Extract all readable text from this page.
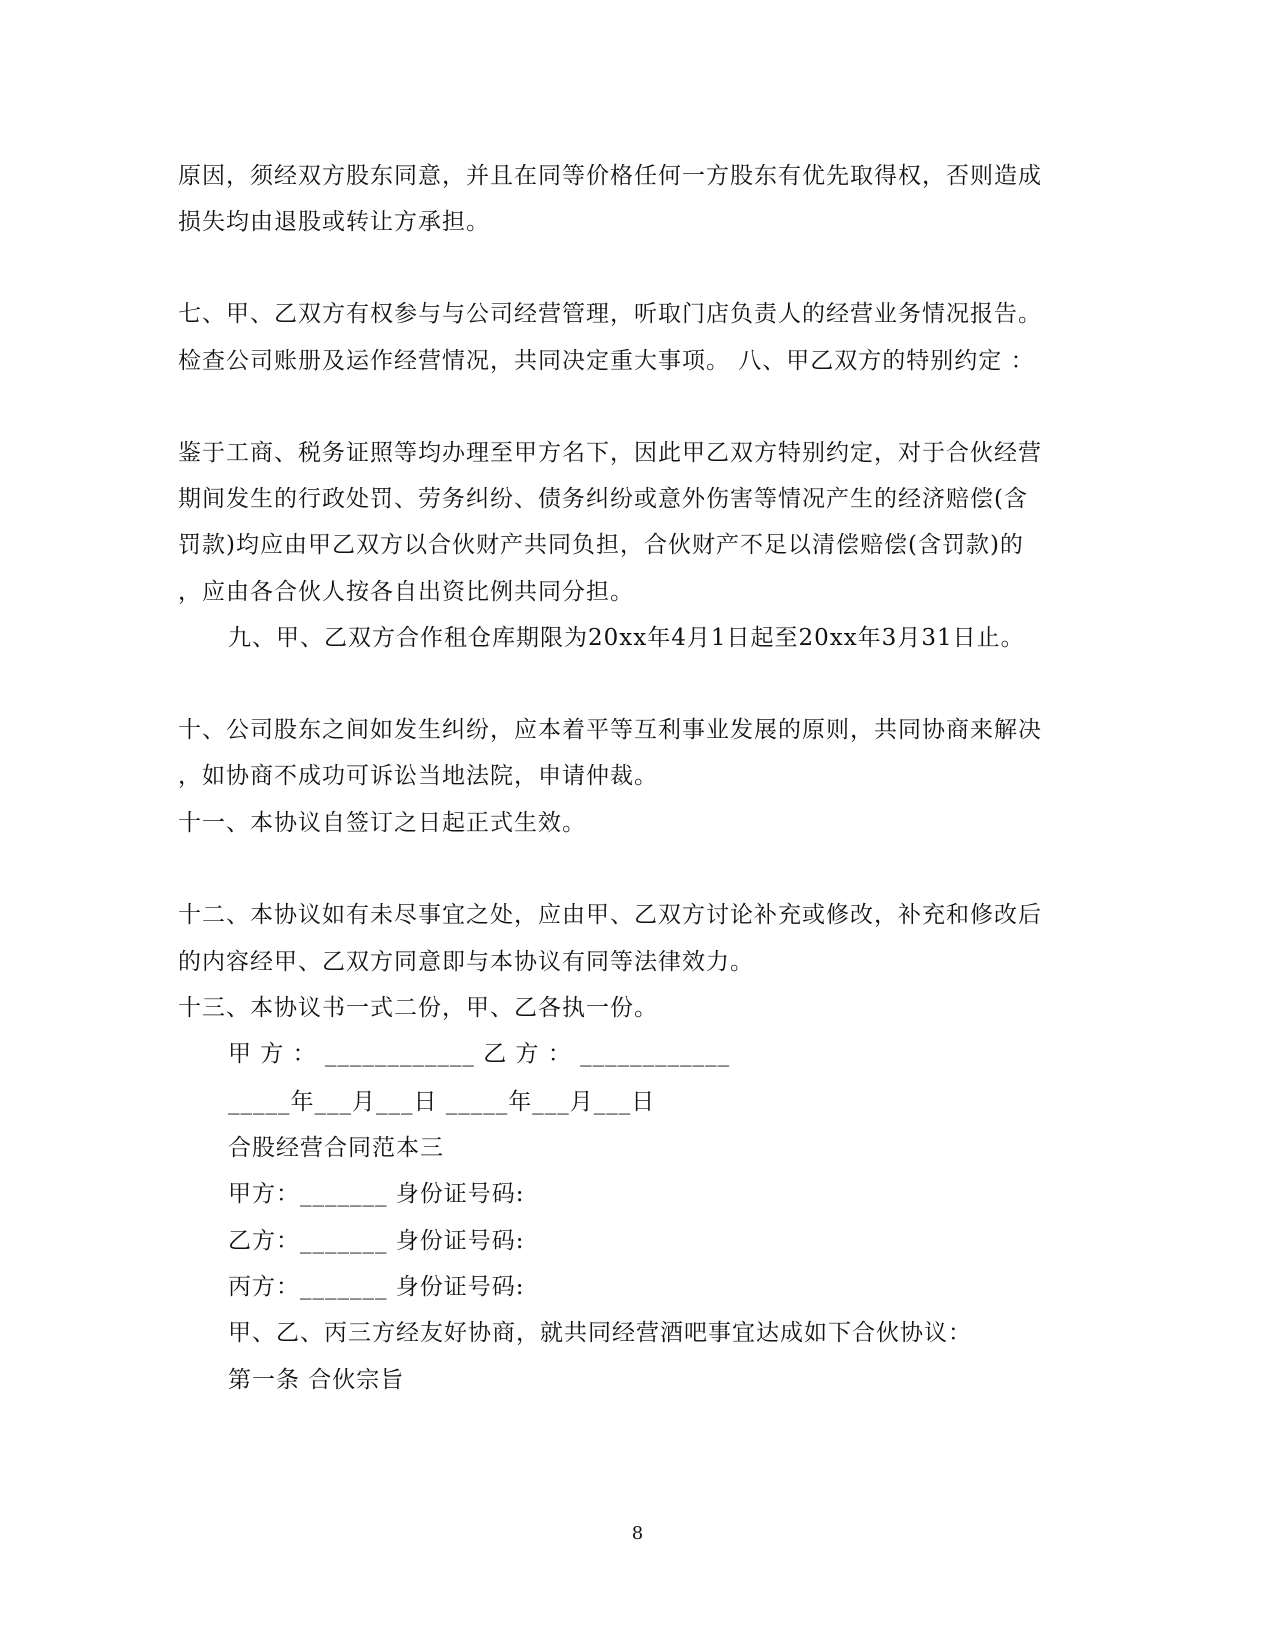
原因，须经双方股东同意，并且在同等价格任何一方股东有优先取得权，否则造成
损失均由退股或转让方承担。
七、甲、乙双方有权参与与公司经营管理，听取门店负责人的经营业务情况报告。
检查公司账册及运作经营情况，共同决定重大事项。 八、甲乙双方的特别约定 ：
鉴于工商、税务证照等均办理至甲方名下，因此甲乙双方特别约定，对于合伙经营
期间发生的行政处罚、劳务纠纷、债务纠纷或意外伤害等情况产生的经济赔偿(含
罚款)均应由甲乙双方以合伙财产共同负担，合伙财产不足以清偿赔偿(含罚款)的
，应由各合伙人按各自出资比例共同分担。
九、甲、乙双方合作租仓库期限为20xx年4月1日起至20xx年3月31日止。
十、公司股东之间如发生纠纷，应本着平等互利事业发展的原则，共同协商来解决
，如协商不成功可诉讼当地法院，申请仲裁。
十一、本协议自签订之日起正式生效。
十二、本协议如有未尽事宜之处，应由甲、乙双方讨论补充或修改，补充和修改后
的内容经甲、乙双方同意即与本协议有同等法律效力。
十三、本协议书一式二份，甲、乙各执一份。
甲 方 ： ____________ 乙 方 ： ____________
_____年___月___日 _____年___月___日
合股经营合同范本三
甲方：_______ 身份证号码:
乙方：_______ 身份证号码:
丙方：_______ 身份证号码:
甲、乙、丙三方经友好协商，就共同经营酒吧事宜达成如下合伙协议：
第一条 合伙宗旨
8
